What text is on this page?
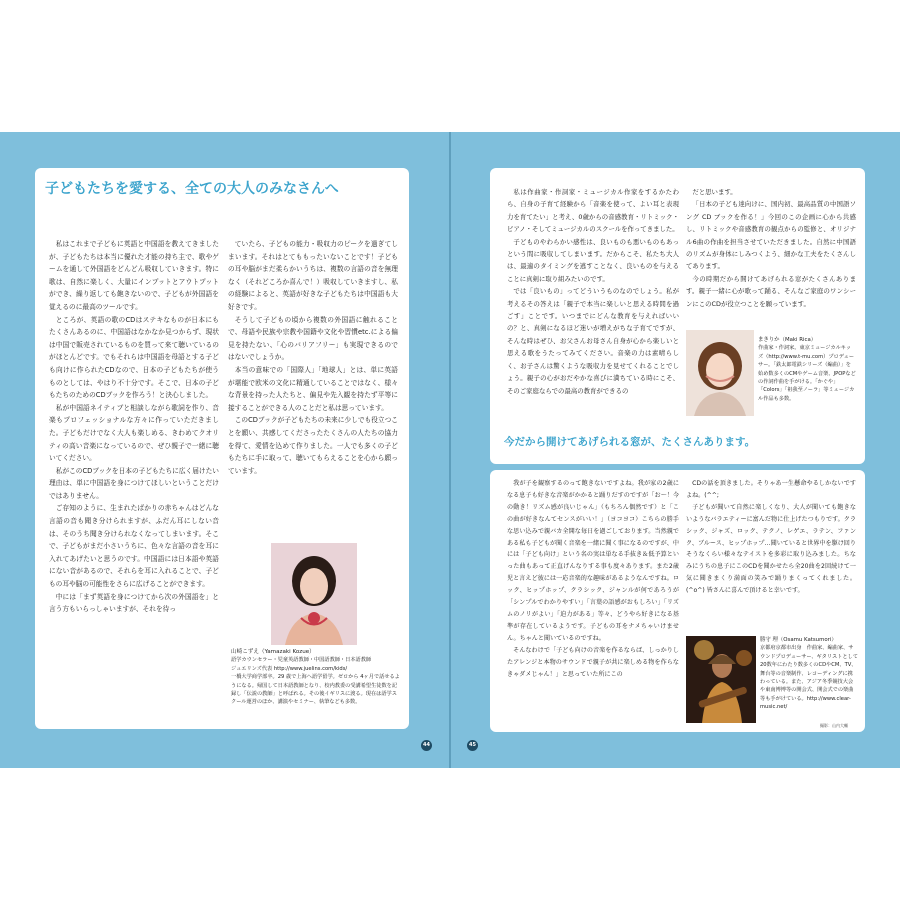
子どもたちを愛する、全ての大人のみなさんへ

私はこれまで子どもに英語と中国語を教えてきましたが、子どもたちは本当に優れた才能の持ち主で、歌やゲームを通して外国語をどんどん吸収していきます。特に歌は、自然に楽しく、大量にインプットとアウトプットができ、繰り返しても飽きないので、子どもが外国語を覚えるのに最高のツールです。

ところが、英語の歌のCDはステキなものが日本にもたくさんあるのに、中国語はなかなか見つからず、現状は中国で販売されているものを買って来て聴いているのがほとんどです。でもそれらは中国語を母語とする子ども向けに作られたCDなので、日本の子どもたちが使うものとしては、やはり不十分です。そこで、日本の子どもたちのためのCDブックを作ろう！と決心しました。

私が中国語ネイティブと相談しながら歌詞を作り、音楽もプロフェッショナルな方々に作っていただきました。子どもだけでなく大人も楽しめる、きわめてクオリティの高い音楽になっているので、ぜひ親子で一緒に聴いてください。

私がこのCDブックを日本の子どもたちに広く届けたい理由は、単に中国語を身につけてほしいということだけではありません。

ご存知のように、生まれたばかりの赤ちゃんはどんな言語の音も聞き分けられますが、ふだん耳にしない音は、そのうち聞き分けられなくなってしまいます。そこで、子どもがまだ小さいうちに、色々な言語の音を耳に入れてあげたいと思うのです。中国語には日本語や英語にない音があるので、それらを耳に入れることで、子どもの耳や脳の可能性をさらに広げることができます。

中には「まず英語を身につけてから次の外国語を」と言う方もいらっしゃいますが、それを待っ

ていたら、子どもの能力・吸収力のピークを過ぎてしまいます。それはとてももったいないことです！子どもの耳や脳がまだ柔らかいうちは、複数の言語の音を無理なく（それどころか喜んで！）吸収していきますし、私の経験によると、英語が好きな子どもたちは中国語も大好きです。

そうして子どもの頃から複数の外国語に触れることで、母語や民族や宗教や国籍や文化や習慣etc.による偏見を持たない、「心のバリアフリー」も実現できるのではないでしょうか。

本当の意味での「国際人」「地球人」とは、単に英語が堪能で欧米の文化に精通していることではなく、様々な背景を持った人たちと、偏見や先入観を持たず平等に接することができる人のことだと私は思っています。

このCDブックが子どもたちの未来に少しでも役立つことを願い、共感してくださったたくさんの人たちの協力を得て、愛情を込めて作りました。一人でも多くの子どもたちに手に取って、聴いてもらえることを心から願っています。

山崎こずえ（Yamazaki Kozue）

語学カウンセラー・児童英語教師・中国語教師・日本語教師

ジュエリンズ代表 http://www.juelins.com/kids/

一橋大学商学部卒。29 歳で上海へ語学留学。ゼロから 4ヶ月で話せるようになる。帰国して日本語教師となり、校内教委の受講希望生徒数を記録し「伝説の教師」と呼ばれる。その後イギリスに渡る。現在は語学スクール運営のほか、講演やセミナー、執筆なども多数。

44

私は作曲家・作詞家・ミュージカル作家をするかたわら、自身の子育て経験から「音楽を使って、よい耳と表現力を育てたい」と考え、0歳からの音感教育・リトミック・ピアノ・そしてミュージカルのスクールを作ってきました。

子どものやわらかい感性は、良いものも悪いものもあっという間に吸収してしまいます。だからこそ、私たち大人は、最適のタイミングを逃すことなく、良いものを与えることに真剣に取り組みたいのです。

では「良いもの」ってどういうものなのでしょう。私が考えるその答えは「親子で本当に楽しいと思える時間を過ごす」ことです。いつまでにどんな教育を与えればいいの？と、真剣になるほど迷いが増えがちな子育てですが、そんな時はぜひ、お父さんお母さん自身が心から楽しいと思える歌をうたってみてください。音楽の力は素晴らしく、お子さんは驚くような吸収力を見せてくれることでしょう。親子の心がおだやかな喜びに満ちている時にこそ、そのご家庭ならでの最高の教育ができるの

だと思います。

「日本の子ども達向けに、国内初、最高品質の中国語ソング CD ブックを作る！」今回のこの企画に心から共感し、リトミックや音感教育の観点からの監修と、オリジナル6曲の作曲を担当させていただきました。自然に中国語のリズムが身体にしみつくよう、細かな工夫をたくさんしてあります。

今の時期だから開けてあげられる窓がたくさんあります。親子一緒に心が歌って踊る、そんなご家庭のワンシーンにこのCDが役立つことを願っています。

まきりか（Maki Rica）

作曲家・作詞家。東京ミュージカルキッズ（http://www.t-mu.com）プロデューサー。「鉄太郎電鉄シリーズ（編曲）」を始め数多くのCMやゲーム音楽、JPOPなどの作詞作曲を手がける。「かぐや」「Colors」「祖我至ノーラ」等ミュージカル作品も多数。

今だから開けてあげられる窓が、たくさんあります。

我が子を観察するのって飽きないですよね。我が家の2歳になる息子も好きな音楽がかかると踊りだすのですが「お〜！今の動き！リズム感が良いじゃん」（もちろん偶然です）と「この曲が好きなんてセンスがいい！」（ヨコヨコ）こちらの勝手な思い込みで親バカ全開な毎日を過ごしております。当然親である私も子どもが聞く音楽を一緒に聞く事になるのですが、中には「子ども向け」という名の実は単なる手抜き＆低予算といった曲もあって正直げんなりする事も度々あります。また2歳児と言えど彼には一応音楽的な趣味があるようなんですね。ロック、ヒップホップ、クラシック、ジャンルが何であろうが「シンプルでわかりやすい」「言葉の語感がおもしろい」「リズムのノリがよい」「迫力がある」等々、どうやら好きになる基準が存在しているようです。子どもの耳をナメちゃいけません。ちゃんと聞いているのですね。

そんなわけで「子ども向けの音楽を作るならば、しっかりしたアレンジと本物のサウンドで親子が共に楽しめる物を作らなきゃダメじゃん！」と思っていた所にこの

CDの話を頂きました。そりゃあ一生懸命やるしかないですよね。(^^;

子どもが聞いて自然に楽しくなり、大人が聞いても飽きないようなバラエティーに富んだ物に仕上げたつもりです。クラシック、ジャズ、ロック、テクノ、レゲエ、ラテン、ファンク、ブルース、ヒップホップ…聞いていると世界中を駆け回りそうなくらい様々なテイストを多彩に取り込みました。ちなみにうちの息子にこのCDを聞かせたら全20曲を2回続けて一気に聞きまくり満面の笑みで踊りまくってくれました。(^o^) 皆さんに喜んで頂けると幸いです。

勝守 理（Osamu Katsumori）

京都府京都市出身　作曲家、編曲家、サウンドプロデューサー、ギタリストとして20数年にわたり数多くのCDやCM、TV、舞台等の音楽制作、レコーディングに携わっている。また、アジア冬季競技大会や東南博博等の開会式、開会式での楽曲等も手がけている。http://www.clear-music.net/

撮影：山内大輔
45
